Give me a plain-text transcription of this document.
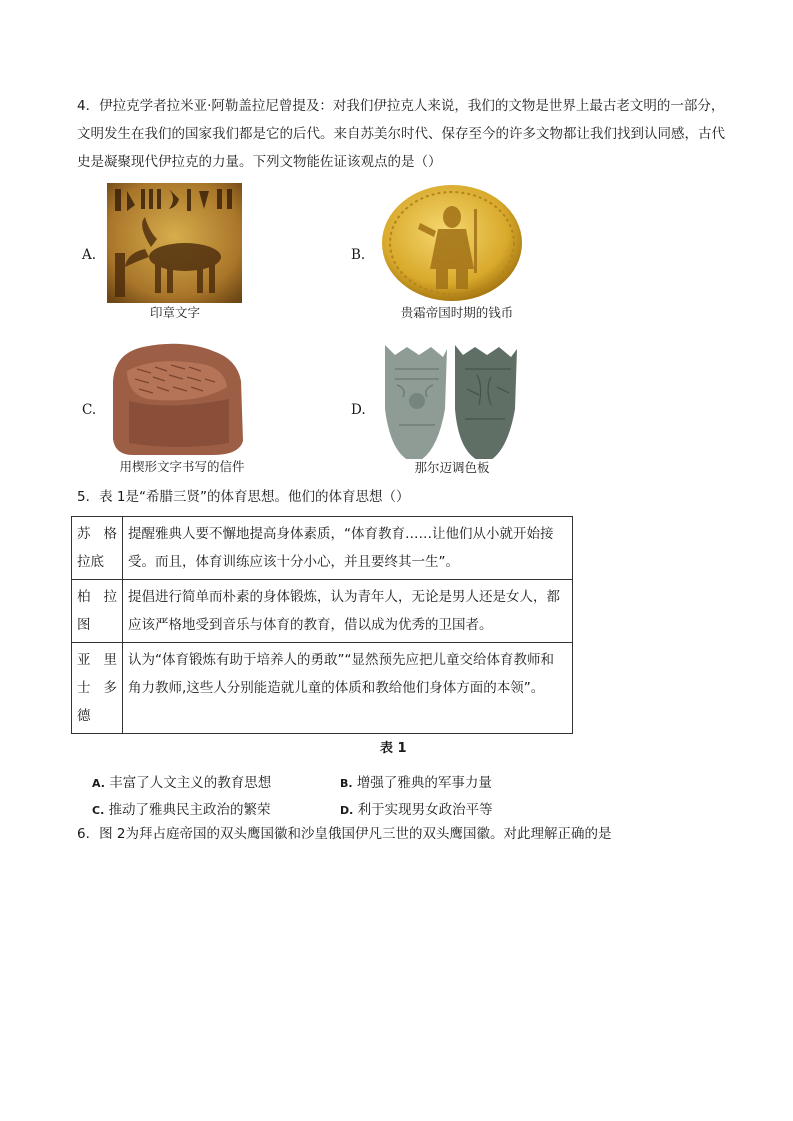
4．伊拉克学者拉米亚·阿勒盖拉尼曾提及：对我们伊拉克人来说，我们的文物是世界上最古老文明的一部分，文明发生在我们的国家我们都是它的后代。来自苏美尔时代、保存至今的许多文物都让我们找到认同感，古代史是凝聚现代伊拉克的力量。下列文物能佐证该观点的是（）
A.
印章文字
B.
贵霜帝国时期的钱币
C.
用楔形文字书写的信件
D.
那尔迈调色板
5．表 1是“希腊三贤”的体育思想。他们的体育思想（）
苏格拉底	提醒雅典人要不懈地提高身体素质，“体育教育……让他们从小就开始接受。而且，体育训练应该十分小心，并且要终其一生”。
柏拉图	提倡进行简单而朴素的身体锻炼，认为青年人，无论是男人还是女人，都应该严格地受到音乐与体育的教育，借以成为优秀的卫国者。
亚里士多德	认为“体育锻炼有助于培养人的勇敢”“显然预先应把儿童交给体育教师和角力教师,这些人分别能造就儿童的体质和教给他们身体方面的本领”。
表 1
A. 丰富了人文主义的教育思想	B. 增强了雅典的军事力量
C. 推动了雅典民主政治的繁荣	D. 利于实现男女政治平等
6．图 2为拜占庭帝国的双头鹰国徽和沙皇俄国伊凡三世的双头鹰国徽。对此理解正确的是
